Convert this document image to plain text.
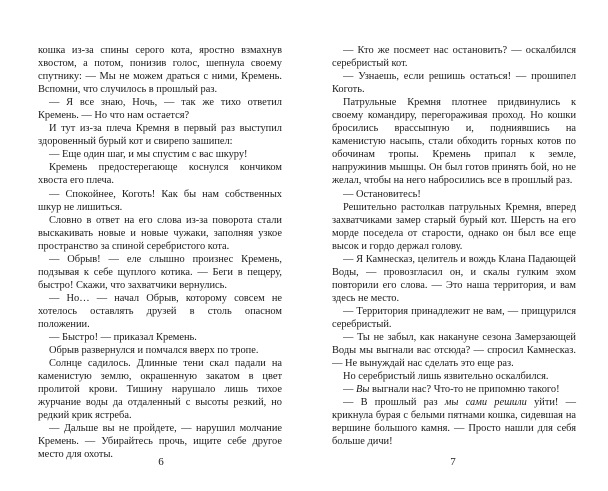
кошка из-за спины серого кота, яростно взмахнув хвостом, а потом, понизив голос, шепнула своему спутнику: — Мы не можем драться с ними, Кремень. Вспомни, что случилось в прошлый раз.

— Я все знаю, Ночь, — так же тихо ответил Кремень. — Но что нам остается?

И тут из-за плеча Кремня в первый раз выступил здоровенный бурый кот и свирепо зашипел:

— Еще один шаг, и мы спустим с вас шкуру!

Кремень предостерегающе коснулся кончиком хвоста его плеча.

— Спокойнее, Коготь! Как бы нам собственных шкур не лишиться.

Словно в ответ на его слова из-за поворота стали выскакивать новые и новые чужаки, заполняя узкое пространство за спиной серебристого кота.

— Обрыв! — еле слышно произнес Кремень, подзывая к себе щуплого котика. — Беги в пещеру, быстро! Скажи, что захватчики вернулись.

— Но… — начал Обрыв, которому совсем не хотелось оставлять друзей в столь опасном положении.

— Быстро! — приказал Кремень.

Обрыв развернулся и помчался вверх по тропе.

Солнце садилось. Длинные тени скал падали на каменистую землю, окрашенную закатом в цвет пролитой крови. Тишину нарушало лишь тихое журчание воды да отдаленный с высоты резкий, но редкий крик ястреба.

— Дальше вы не пройдете, — нарушил молчание Кремень. — Убирайтесь прочь, ищите себе другое место для охоты.

6

— Кто же посмеет нас остановить? — оскалбился серебристый кот.

— Узнаешь, если решишь остаться! — прошипел Коготь.

Патрульные Кремня плотнее придвинулись к своему командиру, перегораживая проход. Но кошки бросились врассыпную и, подниявшись на каменистую насыпь, стали обходить горных котов по обочинам тропы. Кремень припал к земле, напружинив мышцы. Он был готов принять бой, но не желал, чтобы на него набросились все в прошлый раз.

— Остановитесь!

Решительно растолкав патрульных Кремня, вперед захватчиками замер старый бурый кот. Шерсть на его морде поседела от старости, однако он был все еще высок и гордо держал голову.

— Я Камнесказ, целитель и вождь Клана Падающей Воды, — провозгласил он, и скалы гулким эхом повторили его слова. — Это наша территория, и вам здесь не место.

— Территория принадлежит не вам, — прищурился серебристый.

— Ты не забыл, как накануне сезона Замерзающей Воды мы выгнали вас отсюда? — спросил Камнесказ. — Не вынуждай нас сделать это еще раз.

Но серебристый лишь язвительно оскалбился.

— Вы выгнали нас? Что-то не припомню такого!

— В прошлый раз мы сами решили уйти! — крикнула бурая с белыми пятнами кошка, сидевшая на вершине большого камня. — Просто нашли для себя больше дичи!

7
